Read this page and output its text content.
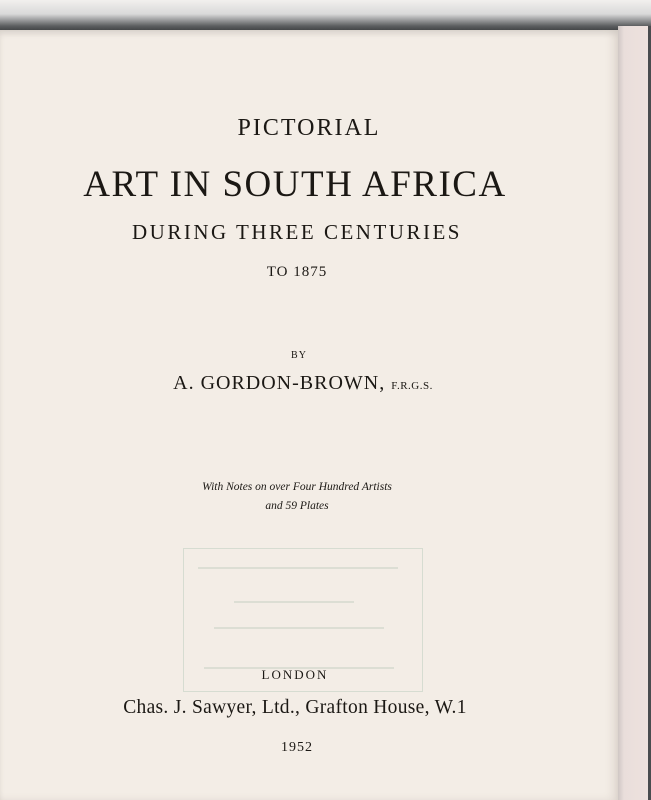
PICTORIAL
ART IN SOUTH AFRICA
DURING THREE CENTURIES
TO 1875
BY
A. GORDON-BROWN, F.R.G.S.
With Notes on over Four Hundred Artists
and 59 Plates
LONDON
Chas. J. Sawyer, Ltd., Grafton House, W.1
1952
